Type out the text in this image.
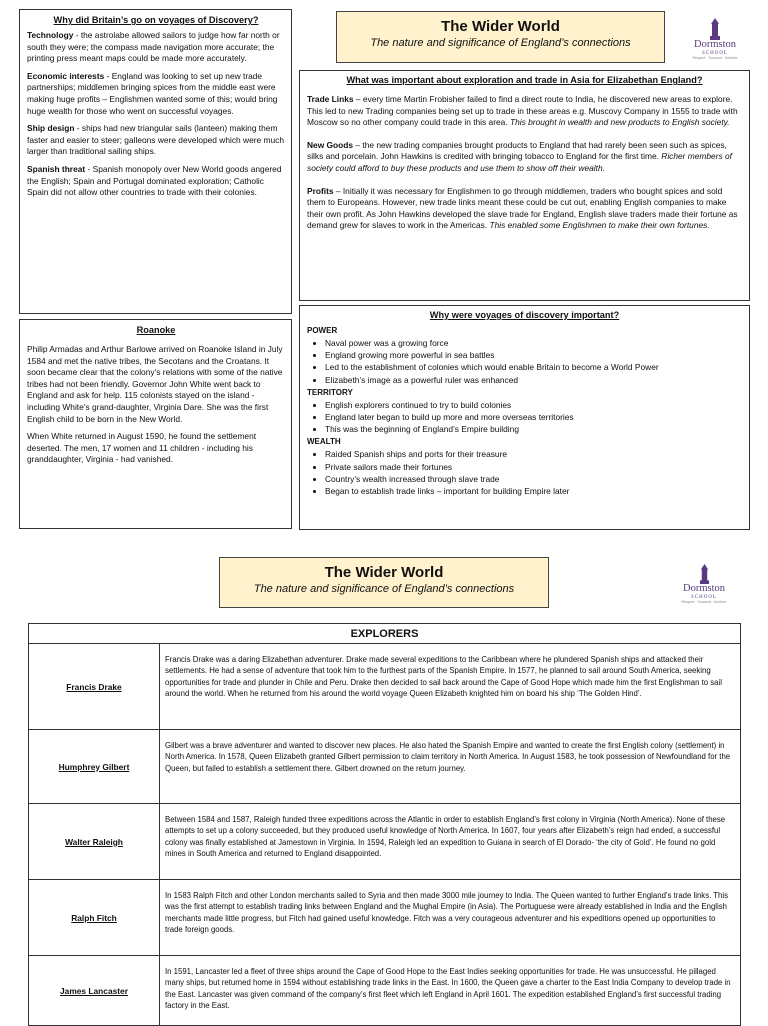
Why did Britain’s go on voyages of Discovery?

Technology - the astrolabe allowed sailors to judge how far north or south they were; the compass made navigation more accurate; the printing press meant maps could be made more accurately.

Economic interests - England was looking to set up new trade partnerships; middlemen bringing spices from the middle east were making huge profits – Englishmen wanted some of this; would bring huge wealth for those who went on successful voyages.

Ship design - ships had new triangular sails (lanteen) making them faster and easier to steer; galleons were developed which were much larger than traditional sailing ships.

Spanish threat - Spanish monopoly over New World goods angered the English; Spain and Portugal dominated exploration; Catholic Spain did not allow other countries to trade with their colonies.

The Wider World
The nature and significance of England’s connections	Dormston
SCHOOL
Respect · Succeed · Achieve
What was important about exploration and trade in Asia for Elizabethan England?

Trade Links – every time Martin Frobisher failed to find a direct route to India, he discovered new areas to explore. This led to new Trading companies being set up to trade in these areas e.g. Muscovy Company in 1555 to trade with Moscow so no other company could trade in this area. This brought in wealth and new products to English society.

New Goods – the new trading companies brought products to England that had rarely been seen such as spices, silks and porcelain. John Hawkins is credited with bringing tobacco to England for the first time. Richer members of society could afford to buy these products and use them to show off their wealth.

Profits – Initially it was necessary for Englishmen to go through middlemen, traders who bought spices and sold them to Europeans. However, new trade links meant these could be cut out, enabling English companies to make their own profit. As John Hawkins developed the slave trade for England, English slave traders made their fortune as demand grew for slaves to work in the Americas. This enabled some Englishmen to make their own fortunes.

Roanoke

Philip Armadas and Arthur Barlowe arrived on Roanoke Island in July 1584 and met the native tribes, the Secotans and the Croatans. It soon became clear that the colony’s relations with some of the native tribes had not been friendly. Governor John White went back to England and ask for help. 115 colonists stayed on the island - including White’s grand-daughter, Virginia Dare. She was the first English child to be born in the New World.

When White returned in August 1590, he found the settlement deserted. The men, 17 women and 11 children - including his granddaughter, Virginia - had vanished.

Why were voyages of discovery important?
POWER
• Naval power was a growing force
• England growing more powerful in sea battles
• Led to the establishment of colonies which would enable Britain to become a World Power
• Elizabeth’s image as a powerful ruler was enhanced
TERRITORY
• English explorers continued to try to build colonies
• England later began to build up more and more overseas territories
• This was the beginning of England’s Empire building
WEALTH
• Raided Spanish ships and ports for their treasure
• Private sailors made their fortunes
• Country’s wealth increased through slave trade
• Began to establish trade links – important for building Empire later
The Wider World
The nature and significance of England’s connections	Dormston
SCHOOL
Respect · Succeed · Achieve
EXPLORERS	
Francis Drake	Francis Drake was a daring Elizabethan adventurer. Drake made several expeditions to the Caribbean where he plundered Spanish ships and attacked their settlements. He had a sense of adventure that took him to the furthest parts of the Spanish Empire. In 1577, he planned to sail around South America, seeking opportunities for trade and plunder in Chile and Peru. Drake then decided to sail back around the Cape of Good Hope which made him the first Englishman to sail around the world. When he returned from his around the world voyage Queen Elizabeth knighted him on board his ship ‘The Golden Hind’.
Humphrey Gilbert	Gilbert was a brave adventurer and wanted to discover new places. He also hated the Spanish Empire and wanted to create the first English colony (settlement) in North America. In 1578, Queen Elizabeth granted Gilbert permission to claim territory in North America. In August 1583, he took possession of Newfoundland for the Queen, but failed to establish a settlement there. Gilbert drowned on the return journey.
Walter Raleigh	Between 1584 and 1587, Raleigh funded three expeditions across the Atlantic in order to establish England’s first colony in Virginia (North America). None of these attempts to set up a colony succeeded, but they produced useful knowledge of North America. In 1607, four years after Elizabeth’s reign had ended, a successful colony was finally established at Jamestown in Virginia. In 1594, Raleigh led an expedition to Guiana in search of El Dorado- ‘the city of Gold’. He found no gold mines in South America and returned to England disappointed.
Ralph Fitch	In 1583 Ralph Fitch and other London merchants sailed to Syria and then made 3000 mile journey to India. The Queen wanted to further England’s trade links. This was the first attempt to establish trading links between England and the Mughal Empire (in Asia). The Portuguese were already established in India and the English merchants made little progress, but Fitch had gained useful knowledge. Fitch was a very courageous adventurer and his expeditions opened up opportunities to trade foreign goods.
James Lancaster	In 1591, Lancaster led a fleet of three ships around the Cape of Good Hope to the East Indies seeking opportunities for trade. He was unsuccessful. He pillaged many ships, but returned home in 1594 without establishing trade links in the East. In 1600, the Queen gave a charter to the East India Company to develop trade in the East. Lancaster was given command of the company’s first fleet which left England in April 1601. The expedition established England’s first successful trading factory in the East.
